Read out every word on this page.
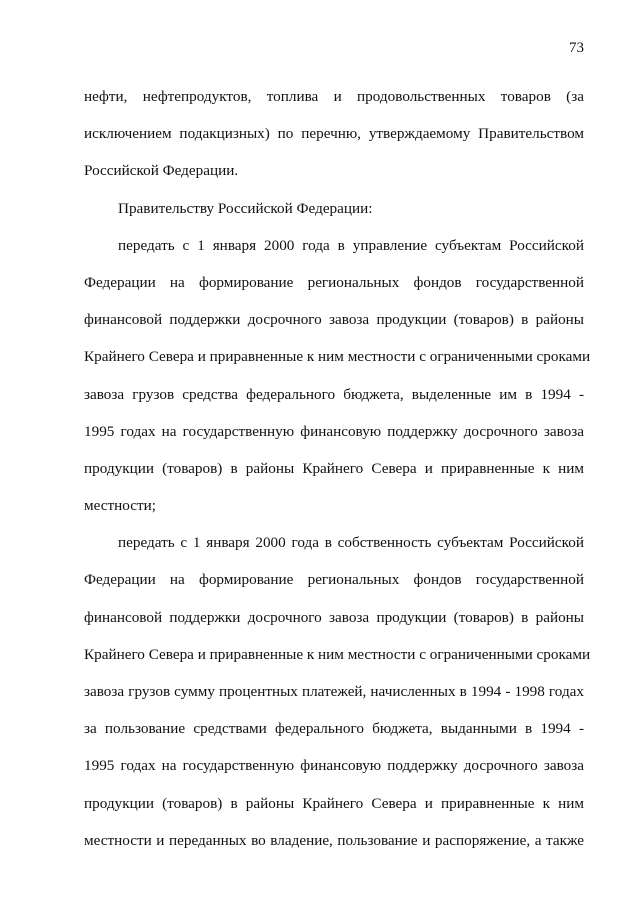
73
нефти, нефтепродуктов, топлива и продовольственных товаров (за
исключением подакцизных) по перечню, утверждаемому Правительством
Российской Федерации.
Правительству Российской Федерации:
передать с 1 января 2000 года в управление субъектам Российской
Федерации на формирование региональных фондов государственной
финансовой поддержки досрочного завоза продукции (товаров) в районы
Крайнего Севера и приравненные к ним местности с ограниченными сроками
завоза грузов средства федерального бюджета, выделенные им в 1994 -
1995 годах на государственную финансовую поддержку досрочного завоза
продукции (товаров) в районы Крайнего Севера и приравненные к ним
местности;
передать с 1 января 2000 года в собственность субъектам Российской
Федерации на формирование региональных фондов государственной
финансовой поддержки досрочного завоза продукции (товаров) в районы
Крайнего Севера и приравненные к ним местности с ограниченными сроками
завоза грузов сумму процентных платежей, начисленных в 1994 - 1998 годах
за пользование средствами федерального бюджета, выданными в 1994 -
1995 годах на государственную финансовую поддержку досрочного завоза
продукции (товаров) в районы Крайнего Севера и приравненные к ним
местности и переданных во владение, пользование и распоряжение, а также
